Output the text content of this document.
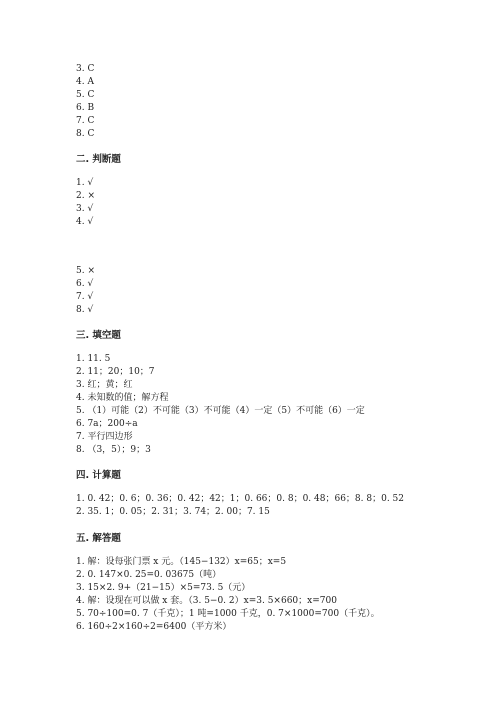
3. C
4. A
5. C
6. B
7. C
8. C
二. 判断题
1. √
2. ×
3. √
4. √
5. ×
6. √
7. √
8. √
三. 填空题
1. 11. 5
2. 11；20；10；7
3. 红；黄；红
4. 未知数的值；解方程
5. （1）可能（2）不可能（3）不可能（4）一定（5）不可能（6）一定
6. 7a；200÷a
7. 平行四边形
8. （3，5）；9；3
四. 计算题
1. 0. 42；0. 6；0. 36；0. 42；42；1；0. 66；0. 8；0. 48；66；8. 8；0. 52
2. 35. 1；0. 05；2. 31；3. 74；2. 00；7. 15
五. 解答题
1. 解：设每张门票 x 元。（145−132）x=65；x=5
2. 0. 147×0. 25=0. 03675（吨）
3. 15×2. 9+（21−15）×5=73. 5（元）
4. 解：设现在可以做 x 套。（3. 5−0. 2）x=3. 5×660；x=700
5. 70÷100=0. 7（千克）；1 吨=1000 千克，0. 7×1000=700（千克）。
6. 160÷2×160÷2=6400（平方米）
